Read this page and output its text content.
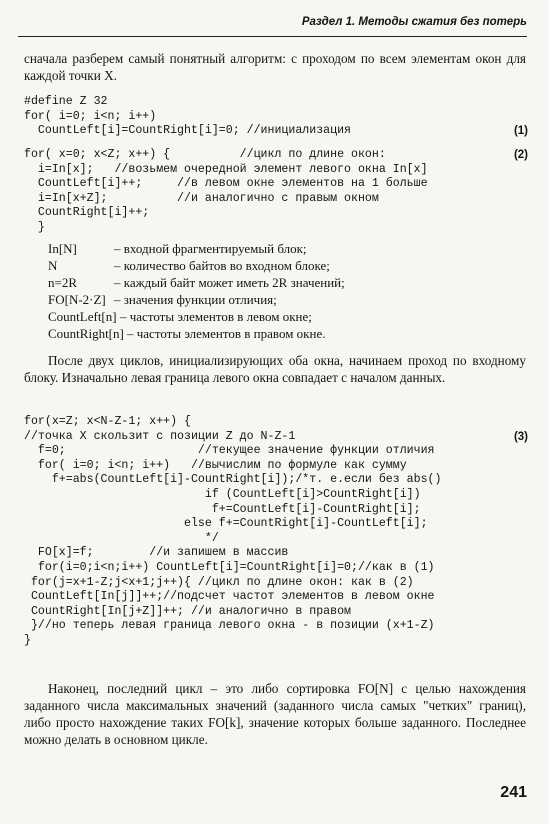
Раздел 1. Методы сжатия без потерь

сначала разберем самый понятный алгоритм: с проходом по всем элементам окон для каждой точки X.

#define Z 32
for( i=0; i<n; i++)
CountLeft[i]=CountRight[i]=0; //инициализация	(1)
for( x=0; x<Z; x++) {          //цикл по длине окон:	(2)
i=In[x];   //возьмем очередной элемент левого окна In[x]
CountLeft[i]++;     //в левом окне элементов на 1 больше
i=In[x+Z];          //и аналогично с правым окном
CountRight[i]++;
}
In[N]	– входной фрагментируемый блок;
N	– количество байтов во входном блоке;
n=2R	– каждый байт может иметь 2R значений;
FO[N-2·Z] – значения функции отличия;
CountLeft[n] – частоты элементов в левом окне;
CountRight[n] – частоты элементов в правом окне.

После двух циклов, инициализирующих оба окна, начинаем проход по входному блоку. Изначально левая граница левого окна совпадает с началом данных.

for(x=Z; x<N-Z-1; x++) {
//точка X скользит с позиции Z до N-Z-1	(3)
f=0;                   //текущее значение функции отличия
for( i=0; i<n; i++)   //вычислим по формуле как сумму
f+=abs(CountLeft[i]-CountRight[i]);/*т. е.если без abs()
if (CountLeft[i]>CountRight[i])
f+=CountLeft[i]-CountRight[i];
else f+=CountRight[i]-CountLeft[i];
*/
FO[x]=f;        //и запишем в массив
for(i=0;i<n;i++) CountLeft[i]=CountRight[i]=0;//как в (1)
for(j=x+1-Z;j<x+1;j++){ //цикл по длине окон: как в (2)
CountLeft[In[j]]++;//подсчет частот элементов в левом окне
CountRight[In[j+Z]]++; //и аналогично в правом
}//но теперь левая граница левого окна - в позиции (x+1-Z)
}

Наконец, последний цикл – это либо сортировка FO[N] с целью нахождения заданного числа максимальных значений (заданного числа самых "четких" границ), либо просто нахождение таких FO[k], значение которых больше заданного. Последнее можно делать в основном цикле.

241
